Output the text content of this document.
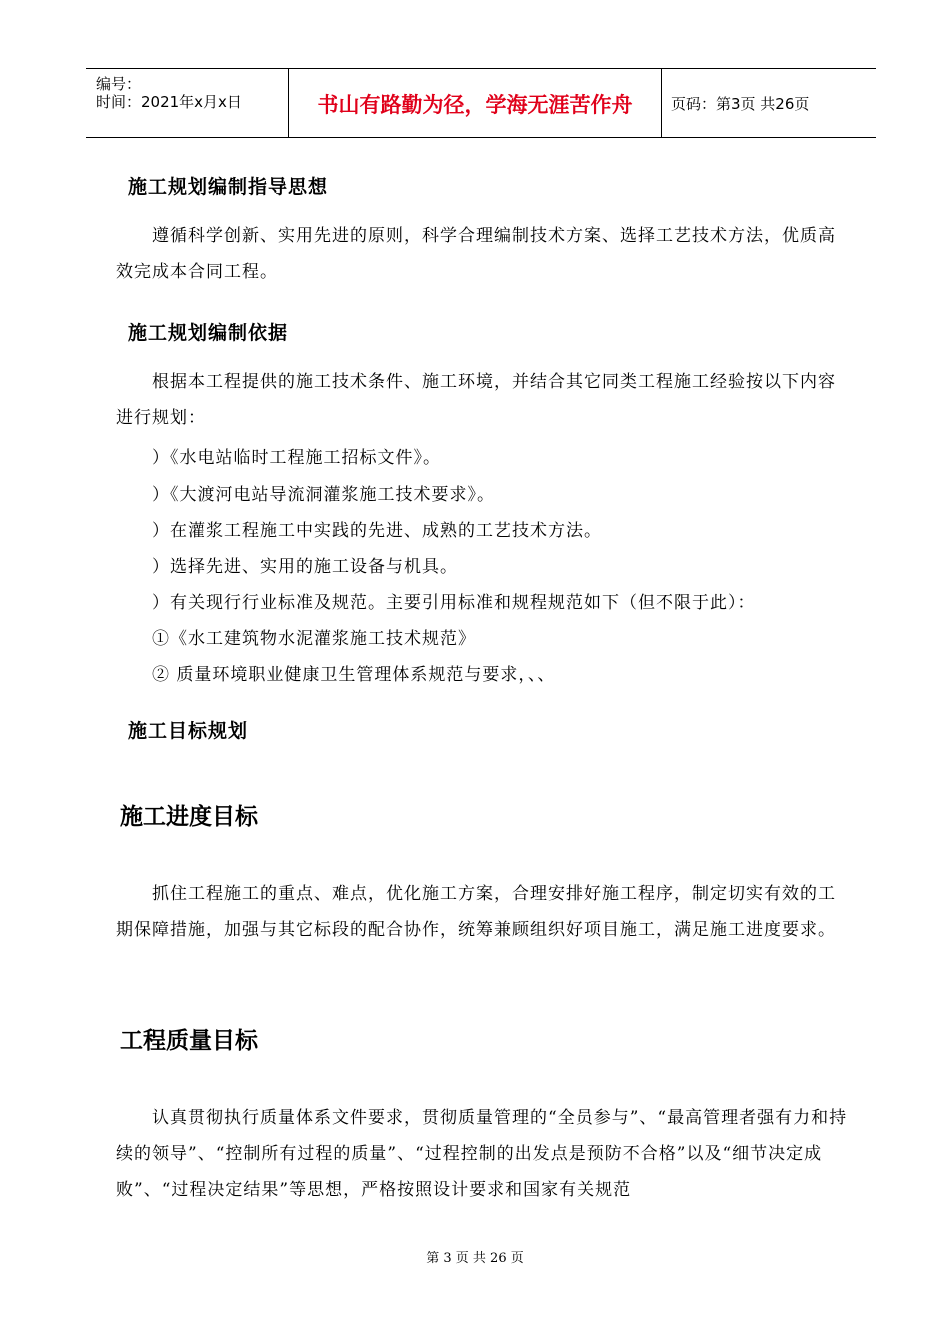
编号：
时间：2021年x月x日	书山有路勤为径，学海无涯苦作舟	页码：第3页 共26页
施工规划编制指导思想
遵循科学创新、实用先进的原则，科学合理编制技术方案、选择工艺技术方法，优质高效完成本合同工程。
施工规划编制依据
根据本工程提供的施工技术条件、施工环境，并结合其它同类工程施工经验按以下内容进行规划：
）《水电站临时工程施工招标文件》。
）《大渡河电站导流洞灌浆施工技术要求》。
）在灌浆工程施工中实践的先进、成熟的工艺技术方法。
）选择先进、实用的施工设备与机具。
）有关现行行业标准及规范。主要引用标准和规程规范如下（但不限于此）：
①《水工建筑物水泥灌浆施工技术规范》
② 质量环境职业健康卫生管理体系规范与要求，、、
施工目标规划
施工进度目标
抓住工程施工的重点、难点，优化施工方案，合理安排好施工程序，制定切实有效的工期保障措施，加强与其它标段的配合协作，统筹兼顾组织好项目施工，满足施工进度要求。
工程质量目标
认真贯彻执行质量体系文件要求，贯彻质量管理的“全员参与”、“最高管理者强有力和持续的领导”、“控制所有过程的质量”、“过程控制的出发点是预防不合格”以及“细节决定成败”、“过程决定结果”等思想，严格按照设计要求和国家有关规范
第 3 页 共 26 页
